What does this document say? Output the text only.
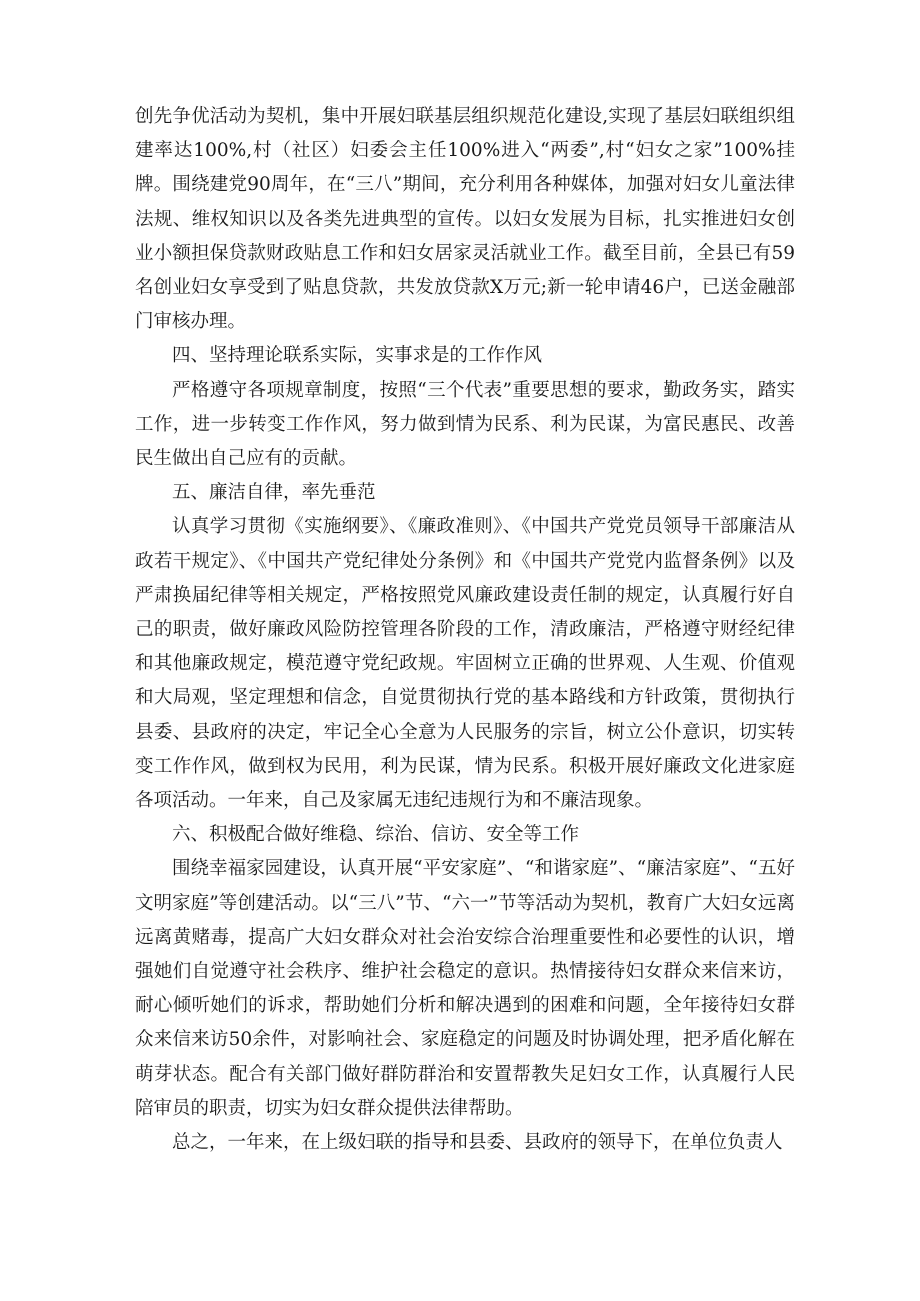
创先争优活动为契机，集中开展妇联基层组织规范化建设,实现了基层妇联组织组建率达100%,村（社区）妇委会主任100%进入“两委”,村“妇女之家”100%挂牌。围绕建党90周年，在“三八”期间，充分利用各种媒体，加强对妇女儿童法律法规、维权知识以及各类先进典型的宣传。以妇女发展为目标，扎实推进妇女创业小额担保贷款财政贴息工作和妇女居家灵活就业工作。截至目前，全县已有59名创业妇女享受到了贴息贷款，共发放贷款X万元;新一轮申请46户，已送金融部门审核办理。

四、坚持理论联系实际，实事求是的工作作风

严格遵守各项规章制度，按照“三个代表”重要思想的要求，勤政务实，踏实工作，进一步转变工作作风，努力做到情为民系、利为民谋，为富民惠民、改善民生做出自己应有的贡献。

五、廉洁自律，率先垂范

认真学习贯彻《实施纲要》、《廉政准则》、《中国共产党党员领导干部廉洁从政若干规定》、《中国共产党纪律处分条例》和《中国共产党党内监督条例》以及严肃换届纪律等相关规定，严格按照党风廉政建设责任制的规定，认真履行好自己的职责，做好廉政风险防控管理各阶段的工作，清政廉洁，严格遵守财经纪律和其他廉政规定，模范遵守党纪政规。牢固树立正确的世界观、人生观、价值观和大局观，坚定理想和信念，自觉贯彻执行党的基本路线和方针政策，贯彻执行县委、县政府的决定，牢记全心全意为人民服务的宗旨，树立公仆意识，切实转变工作作风，做到权为民用，利为民谋，情为民系。积极开展好廉政文化进家庭各项活动。一年来，自己及家属无违纪违规行为和不廉洁现象。

六、积极配合做好维稳、综治、信访、安全等工作

围绕幸福家园建设，认真开展“平安家庭”、“和谐家庭”、“廉洁家庭”、“五好文明家庭”等创建活动。以“三八”节、“六一”节等活动为契机，教育广大妇女远离远离黄赌毒，提高广大妇女群众对社会治安综合治理重要性和必要性的认识，增强她们自觉遵守社会秩序、维护社会稳定的意识。热情接待妇女群众来信来访，耐心倾听她们的诉求，帮助她们分析和解决遇到的困难和问题，全年接待妇女群众来信来访50余件，对影响社会、家庭稳定的问题及时协调处理，把矛盾化解在萌芽状态。配合有关部门做好群防群治和安置帮教失足妇女工作，认真履行人民陪审员的职责，切实为妇女群众提供法律帮助。

总之，一年来，在上级妇联的指导和县委、县政府的领导下，在单位负责人
